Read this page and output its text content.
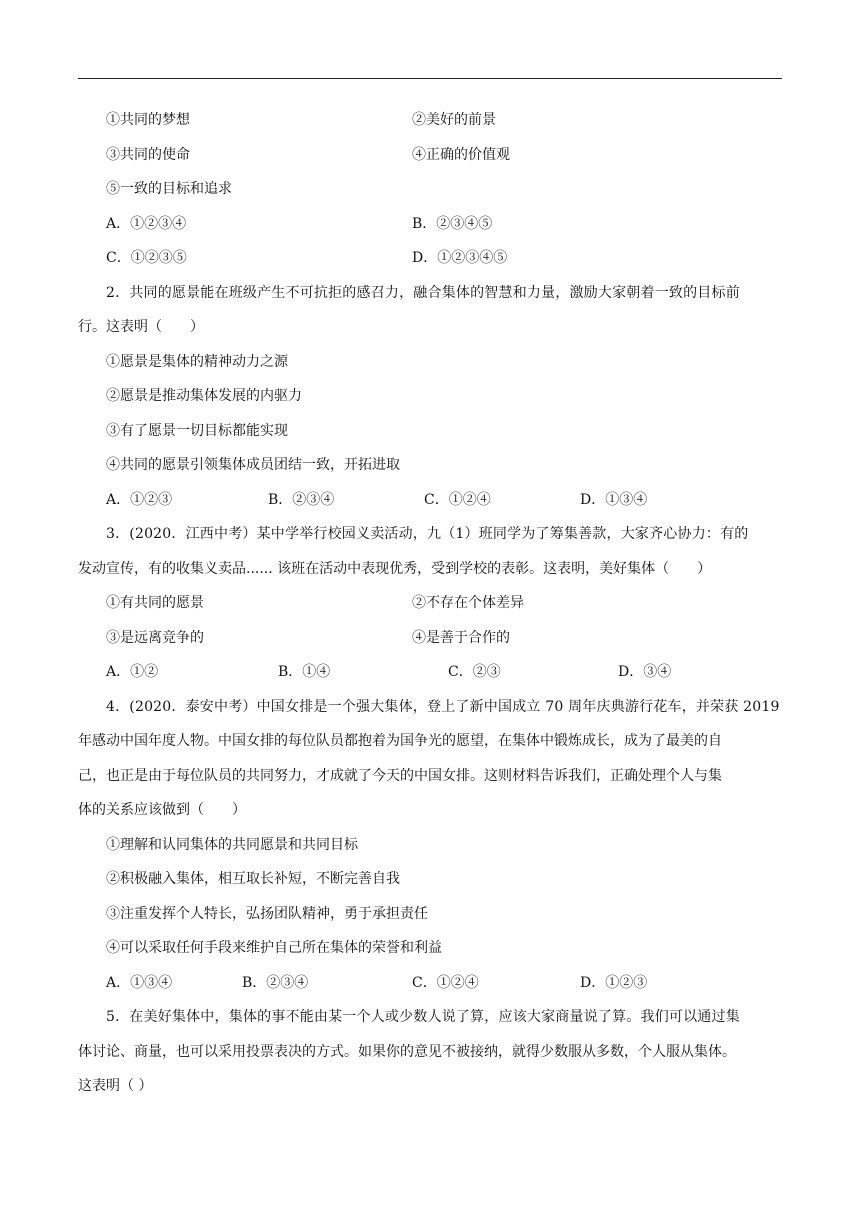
①共同的梦想	②美好的前景
③共同的使命	④正确的价值观
⑤一致的目标和追求
A．①②③④	B．②③④⑤
C．①②③⑤	D．①②③④⑤
2．共同的愿景能在班级产生不可抗拒的感召力，融合集体的智慧和力量，激励大家朝着一致的目标前
行。这表明（　　）
①愿景是集体的精神动力之源
②愿景是推动集体发展的内驱力
③有了愿景一切目标都能实现
④共同的愿景引领集体成员团结一致，开拓进取
A．①②③	B．②③④	C．①②④	D．①③④
3．(2020．江西中考）某中学举行校园义卖活动，九（1）班同学为了筹集善款，大家齐心协力：有的
发动宣传，有的收集义卖品...... 该班在活动中表现优秀，受到学校的表彰。这表明，美好集体（　　）
①有共同的愿景	②不存在个体差异
③是远离竞争的	④是善于合作的
A．①②	B．①④	C．②③	D．③④
4．(2020．泰安中考）中国女排是一个强大集体，登上了新中国成立 70 周年庆典游行花车，并荣获 2019
年感动中国年度人物。中国女排的每位队员都抱着为国争光的愿望，在集体中锻炼成长，成为了最美的自
己，也正是由于每位队员的共同努力，才成就了今天的中国女排。这则材料告诉我们，正确处理个人与集
体的关系应该做到（　　）
①理解和认同集体的共同愿景和共同目标
②积极融入集体，相互取长补短，不断完善自我
③注重发挥个人特长，弘扬团队精神，勇于承担责任
④可以采取任何手段来维护自己所在集体的荣誉和利益
A．①③④	B．②③④	C．①②④	D．①②③
5．在美好集体中，集体的事不能由某一个人或少数人说了算，应该大家商量说了算。我们可以通过集
体讨论、商量，也可以采用投票表决的方式。如果你的意见不被接纳，就得少数服从多数，个人服从集体。
这表明（ ）
